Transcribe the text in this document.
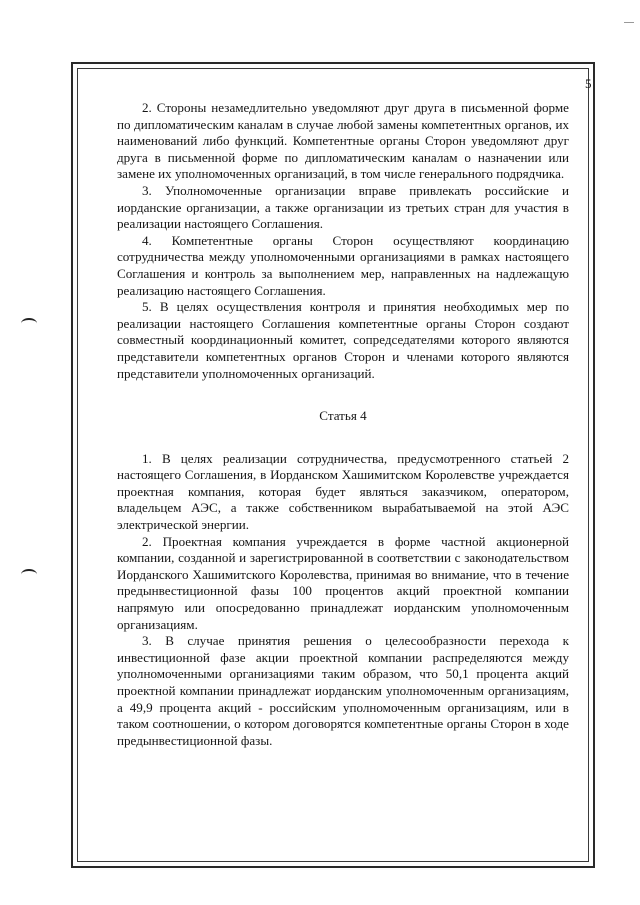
5

2. Стороны незамедлительно уведомляют друг друга в письменной форме по дипломатическим каналам в случае любой замены компетентных органов, их наименований либо функций. Компетентные органы Сторон уведомляют друг друга в письменной форме по дипломатическим каналам о назначении или замене их уполномоченных организаций, в том числе генерального подрядчика.

3. Уполномоченные организации вправе привлекать российские и иорданские организации, а также организации из третьих стран для участия в реализации настоящего Соглашения.

4. Компетентные органы Сторон осуществляют координацию сотрудничества между уполномоченными организациями в рамках настоящего Соглашения и контроль за выполнением мер, направленных на надлежащую реализацию настоящего Соглашения.

5. В целях осуществления контроля и принятия необходимых мер по реализации настоящего Соглашения компетентные органы Сторон создают совместный координационный комитет, сопредседателями которого являются представители компетентных органов Сторон и членами которого являются представители уполномоченных организаций.

Статья 4

1. В целях реализации сотрудничества, предусмотренного статьей 2 настоящего Соглашения, в Иорданском Хашимитском Королевстве учреждается проектная компания, которая будет являться заказчиком, оператором, владельцем АЭС, а также собственником вырабатываемой на этой АЭС электрической энергии.

2. Проектная компания учреждается в форме частной акционерной компании, созданной и зарегистрированной в соответствии с законодательством Иорданского Хашимитского Королевства, принимая во внимание, что в течение предынвестиционной фазы 100 процентов акций проектной компании напрямую или опосредованно принадлежат иорданским уполномоченным организациям.

3. В случае принятия решения о целесообразности перехода к инвестиционной фазе акции проектной компании распределяются между уполномоченными организациями таким образом, что 50,1 процента акций проектной компании принадлежат иорданским уполномоченным организациям, а 49,9 процента акций - российским уполномоченным организациям, или в таком соотношении, о котором договорятся компетентные органы Сторон в ходе предынвестиционной фазы.
